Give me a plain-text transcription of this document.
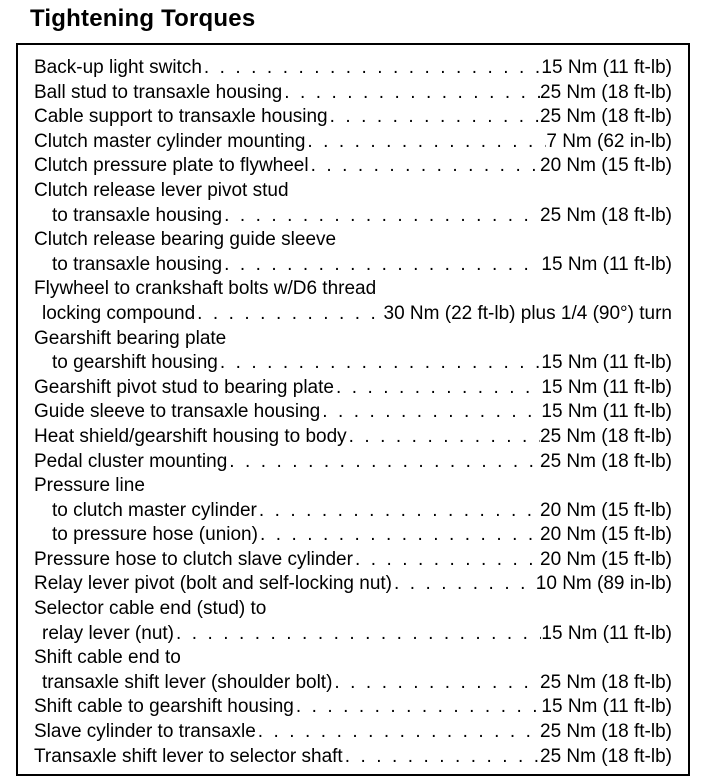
Tightening Torques
Back-up light switch . . .	15 Nm (11 ft-lb)
Ball stud to transaxle housing . . .	25 Nm (18 ft-lb)
Cable support to transaxle housing . . .	25 Nm (18 ft-lb)
Clutch master cylinder mounting . . .	7 Nm (62 in-lb)
Clutch pressure plate to flywheel . . .	20 Nm (15 ft-lb)
Clutch release lever pivot stud
to transaxle housing . . .	25 Nm (18 ft-lb)
Clutch release bearing guide sleeve
to transaxle housing . . .	15 Nm (11 ft-lb)
Flywheel to crankshaft bolts w/D6 thread
locking compound . . .	30 Nm (22 ft-lb) plus 1/4 (90°) turn
Gearshift bearing plate
to gearshift housing . . .	15 Nm (11 ft-lb)
Gearshift pivot stud to bearing plate . . .	15 Nm (11 ft-lb)
Guide sleeve to transaxle housing . . .	15 Nm (11 ft-lb)
Heat shield/gearshift housing to body . . .	25 Nm (18 ft-lb)
Pedal cluster mounting . . .	25 Nm (18 ft-lb)
Pressure line
to clutch master cylinder . . .	20 Nm (15 ft-lb)
to pressure hose (union) . . .	20 Nm (15 ft-lb)
Pressure hose to clutch slave cylinder . . .	20 Nm (15 ft-lb)
Relay lever pivot (bolt and self-locking nut) . . .	10 Nm (89 in-lb)
Selector cable end (stud) to
relay lever (nut) . . .	15 Nm (11 ft-lb)
Shift cable end to
transaxle shift lever (shoulder bolt) . . .	25 Nm (18 ft-lb)
Shift cable to gearshift housing . . .	15 Nm (11 ft-lb)
Slave cylinder to transaxle . . .	25 Nm (18 ft-lb)
Transaxle shift lever to selector shaft . . .	25 Nm (18 ft-lb)
